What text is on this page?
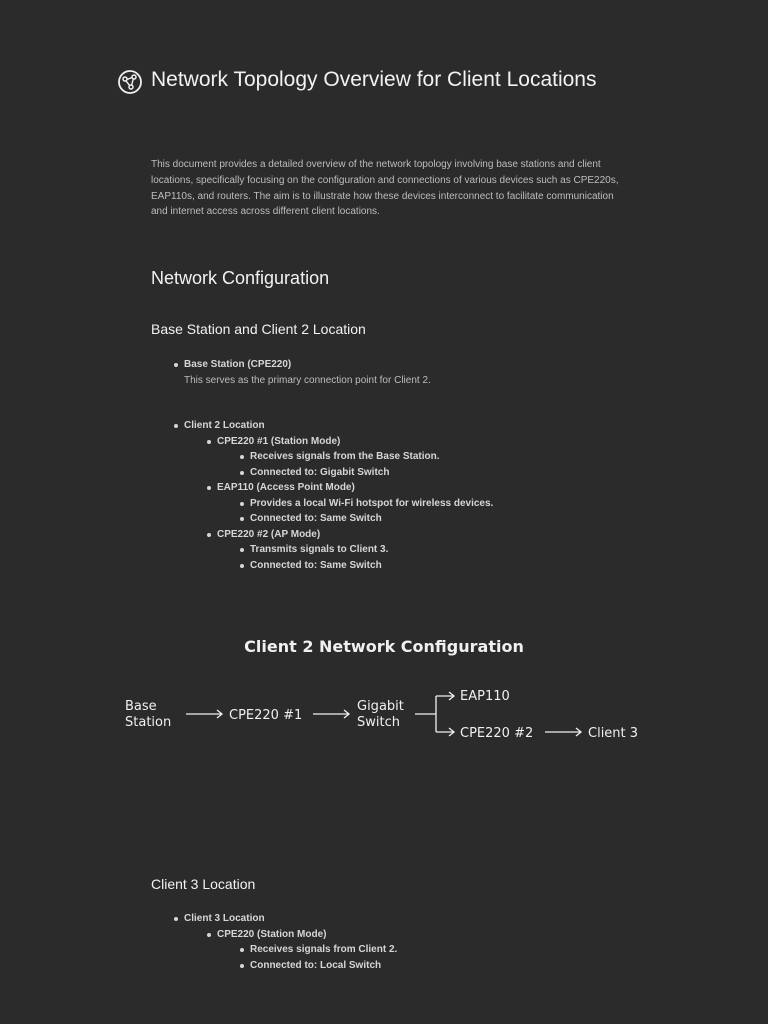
Network Topology Overview for Client Locations

This document provides a detailed overview of the network topology involving base stations and client locations, specifically focusing on the configuration and connections of various devices such as CPE220s, EAP110s, and routers. The aim is to illustrate how these devices interconnect to facilitate communication and internet access across different client locations.

Network Configuration
Base Station and Client 2 Location
Base Station (CPE220)
This serves as the primary connection point for Client 2.
Client 2 Location
CPE220 #1 (Station Mode)
Receives signals from the Base Station.
Connected to: Gigabit Switch
EAP110 (Access Point Mode)
Provides a local Wi-Fi hotspot for wireless devices.
Connected to: Same Switch
CPE220 #2 (AP Mode)
Transmits signals to Client 3.
Connected to: Same Switch
Client 2 Network Configuration
Base
Station	CPE220 #1
Gigabit
Switch
EAP110
CPE220 #2	Client 3
Client 3 Location
Client 3 Location
CPE220 (Station Mode)
Receives signals from Client 2.
Connected to: Local Switch
